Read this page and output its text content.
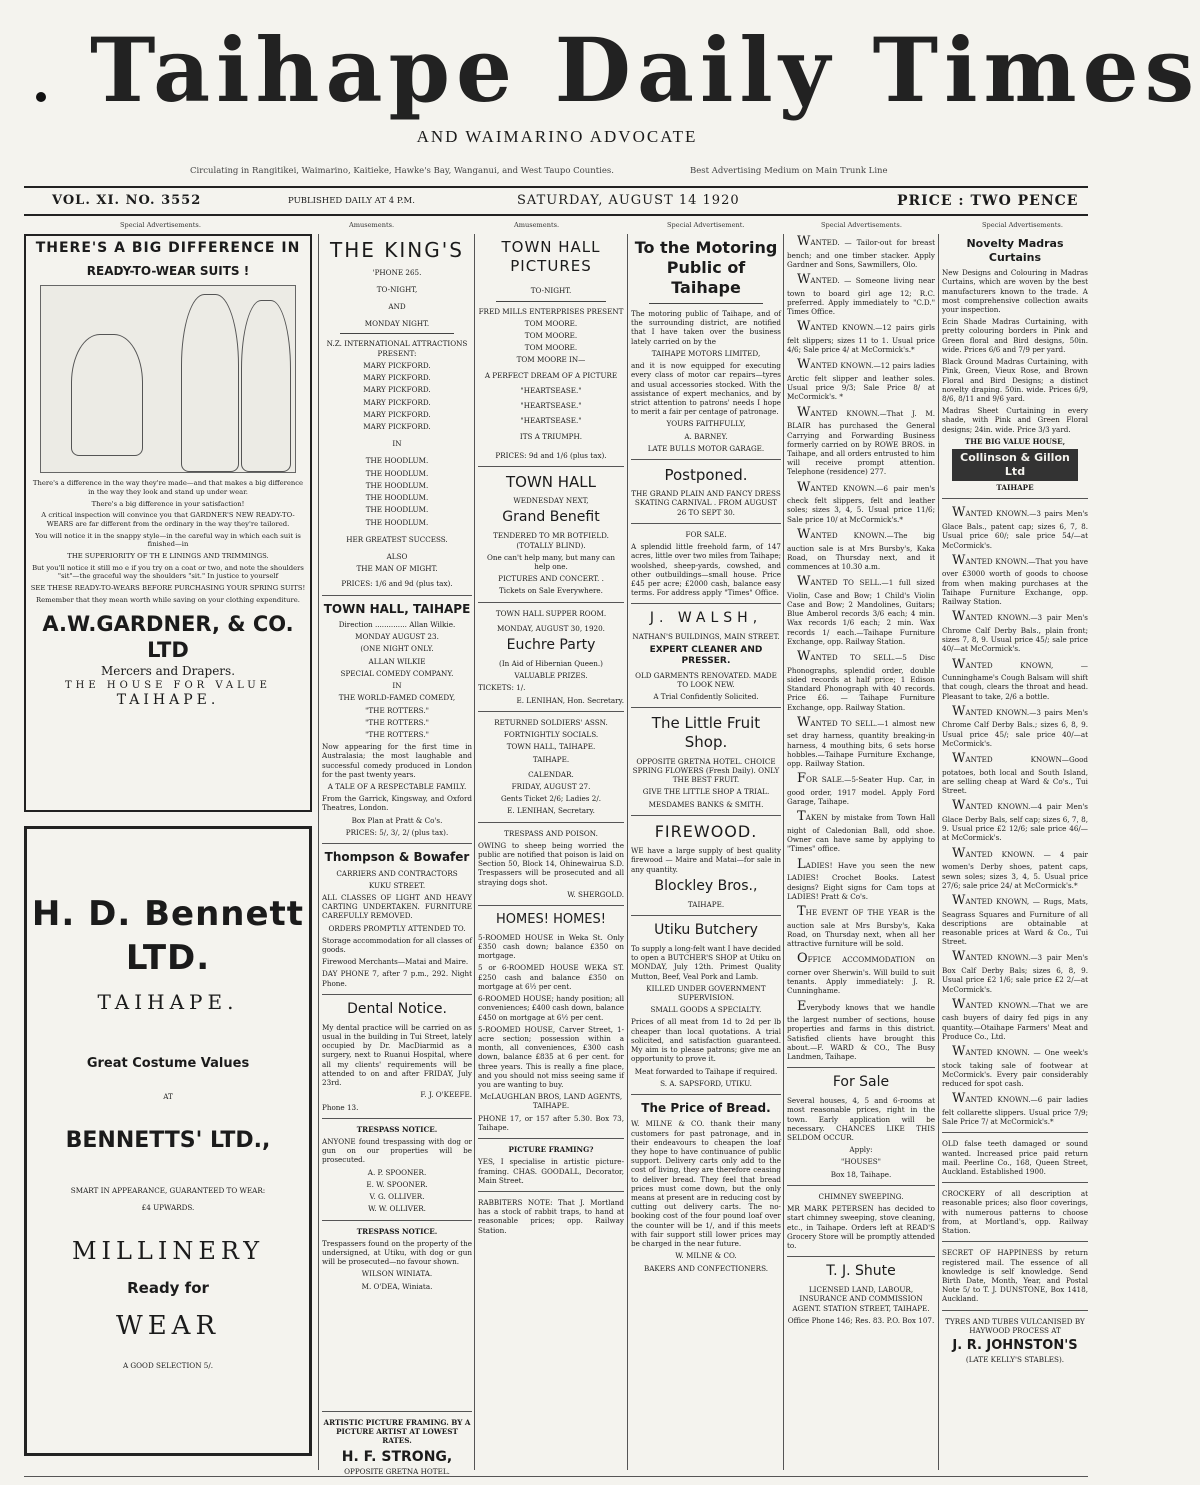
Taihape Daily Times
AND WAIMARINO ADVOCATE
Circulating in Rangitikei, Waimarino, Kaitieke, Hawke's Bay, Wanganui, and West Taupo Counties.	Best Advertising Medium on Main Trunk Line
VOL. XI. NO. 3552	PUBLISHED DAILY AT 4 P.M.	SATURDAY, AUGUST 14 1920	PRICE : TWO PENCE
Special Advertisements.	Amusements.	Amusements.	Special Advertisement.	Special Advertisements.	Special Advertisements.
THERE'S A BIG DIFFERENCE IN
READY-TO-WEAR SUITS !

There's a difference in the way they're made—and that makes a big difference in the way they look and stand up under wear.

There's a big difference in your satisfaction!

A critical inspection will convince you that GARDNER'S NEW READY-TO-WEARS are far different from the ordinary in the way they're tailored.

You will notice it in the snappy style—in the careful way in which each suit is finished—in

THE SUPERIORITY OF TH E LININGS AND TRIMMINGS.

But you'll notice it still mo e if you try on a coat or two, and note the shoulders "sit"—the graceful way the shoulders "sit." In justice to yourself

SEE THESE READY-TO-WEARS BEFORE PURCHASING YOUR SPRING SUITS!

Remember that they mean worth while saving on your clothing expenditure.

A.W.GARDNER, & CO. LTD
Mercers and Drapers.
THE HOUSE FOR VALUE
TAIHAPE.
H. D. Bennett LTD.
TAIHAPE.
Great Costume Values
AT
BENNETTS' LTD.,
SMART IN APPEARANCE, GUARANTEED TO WEAR:
£4 UPWARDS.
MILLINERY
Ready for
WEAR
A GOOD SELECTION 5/.
THE KING'S

'PHONE 265.

TO-NIGHT,

AND

MONDAY NIGHT.

N.Z. INTERNATIONAL ATTRACTIONS PRESENT:

MARY PICKFORD.

MARY PICKFORD.

MARY PICKFORD.

MARY PICKFORD.

MARY PICKFORD.

MARY PICKFORD.

IN

THE HOODLUM.

THE HOODLUM.

THE HOODLUM.

THE HOODLUM.

THE HOODLUM.

THE HOODLUM.

HER GREATEST SUCCESS.

ALSO

THE MAN OF MIGHT.

PRICES: 1/6 and 9d (plus tax).

TOWN HALL, TAIHAPE

Direction .............. Allan Wilkie.

MONDAY AUGUST 23.

(ONE NIGHT ONLY.

ALLAN WILKIE

SPECIAL COMEDY COMPANY.

IN

THE WORLD-FAMED COMEDY,

"THE ROTTERS."

"THE ROTTERS."

"THE ROTTERS."

Now appearing for the first time in Australasia; the most laughable and successful comedy produced in London for the past twenty years.

A TALE OF A RESPECTABLE FAMILY.

From the Garrick, Kingsway, and Oxford Theatres, London.

Box Plan at Pratt & Co's.

PRICES: 5/, 3/, 2/ (plus tax).

Thompson & Bowafer

CARRIERS AND CONTRACTORS

KUKU STREET.

ALL CLASSES OF LIGHT AND HEAVY CARTING UNDERTAKEN. FURNITURE CAREFULLY REMOVED.

ORDERS PROMPTLY ATTENDED TO.

Storage accommodation for all classes of goods.

Firewood Merchants—Matai and Maire.

DAY PHONE 7, after 7 p.m., 292. Night Phone.

Dental Notice.

My dental practice will be carried on as usual in the building in Tui Street, lately occupied by Dr. MacDiarmid as a surgery, next to Ruanui Hospital, where all my clients' requirements will be attended to on and after FRIDAY, July 23rd.

F. J. O'KEEFE.

Phone 13.

TRESPASS NOTICE.

ANYONE found trespassing with dog or gun on our properties will be prosecuted.

A. P. SPOONER.

E. W. SPOONER.

V. G. OLLIVER.

W. W. OLLIVER.

TRESPASS NOTICE.

Trespassers found on the property of the undersigned, at Utiku, with dog or gun will be prosecuted—no favour shown.

WILSON WINIATA.

M. O'DEA, Winiata.

TOWN HALL PICTURES

TO-NIGHT.

FRED MILLS ENTERPRISES PRESENT

TOM MOORE.

TOM MOORE.

TOM MOORE.

TOM MOORE IN—

A PERFECT DREAM OF A PICTURE

"HEARTSEASE."

"HEARTSEASE."

"HEARTSEASE."

ITS A TRIUMPH.

PRICES: 9d and 1/6 (plus tax).

TOWN HALL

WEDNESDAY NEXT,

Grand Benefit

TENDERED TO MR BOTFIELD. (TOTALLY BLIND).

One can't help many, but many can help one.

PICTURES AND CONCERT. .

Tickets on Sale Everywhere.

TOWN HALL SUPPER ROOM.

MONDAY, AUGUST 30, 1920.

Euchre Party

(In Aid of Hibernian Queen.)

VALUABLE PRIZES.

TICKETS: 1/.

E. LENIHAN, Hon. Secretary.

RETURNED SOLDIERS' ASSN.

FORTNIGHTLY SOCIALS.

TOWN HALL, TAIHAPE.

TAIHAPE.

CALENDAR.

FRIDAY, AUGUST 27.

Gents Ticket 2/6; Ladies 2/.

E. LENIHAN, Secretary.

TRESPASS AND POISON.

OWING to sheep being worried the public are notified that poison is laid on Section 50, Block 14, Ohinewairua S.D. Trespassers will be prosecuted and all straying dogs shot.

W. SHERGOLD.

HOMES! HOMES!

5-ROOMED HOUSE in Weka St. Only £350 cash down; balance £350 on mortgage.

5 or 6-ROOMED HOUSE WEKA ST. £250 cash and balance £350 on mortgage at 6½ per cent.

6-ROOMED HOUSE; handy position; all conveniences; £400 cash down, balance £450 on mortgage at 6½ per cent.

5-ROOMED HOUSE, Carver Street, 1-acre section; possession within a month, all conveniences, £300 cash down, balance £835 at 6 per cent. for three years. This is really a fine place, and you should not miss seeing same if you are wanting to buy.

McLAUGHLAN BROS, LAND AGENTS, TAIHAPE.

PHONE 17, or 157 after 5.30. Box 73, Taihape.

PICTURE FRAMING?

YES, I specialise in artistic picture-framing. CHAS. GOODALL, Decorator, Main Street.

RABBITERS NOTE: That J. Mortland has a stock of rabbit traps, to hand at reasonable prices; opp. Railway Station.

ARTISTIC PICTURE FRAMING. BY A PICTURE ARTIST AT LOWEST RATES.

H. F. STRONG,

OPPOSITE GRETNA HOTEL.

To the Motoring Public of Taihape

The motoring public of Taihape, and of the surrounding district, are notified that I have taken over the business lately carried on by the

TAIHAPE MOTORS LIMITED,

and it is now equipped for executing every class of motor car repairs—tyres and usual accessories stocked. With the assistance of expert mechanics, and by strict attention to patrons' needs I hope to merit a fair per centage of patronage.

YOURS FAITHFULLY,

A. BARNEY.

LATE BULLS MOTOR GARAGE.

Postponed.

THE GRAND PLAIN AND FANCY DRESS SKATING CARNIVAL . FROM AUGUST 26 TO SEPT 30.

FOR SALE.

A splendid little freehold farm, of 147 acres, little over two miles from Taihape; woolshed, sheep-yards, cowshed, and other outbuildings—small house. Price £45 per acre; £2000 cash, balance easy terms. For address apply "Times" Office.

J. WALSH,

NATHAN'S BUILDINGS, MAIN STREET.

EXPERT CLEANER AND PRESSER.

OLD GARMENTS RENOVATED. MADE TO LOOK NEW.

A Trial Confidently Solicited.

The Little Fruit Shop.

OPPOSITE GRETNA HOTEL. CHOICE SPRING FLOWERS (Fresh Daily). ONLY THE BEST FRUIT.

GIVE THE LITTLE SHOP A TRIAL.

MESDAMES BANKS & SMITH.

FIREWOOD.

WE have a large supply of best quality firewood — Maire and Matai—for sale in any quantity.

Blockley Bros.,

TAIHAPE.

Utiku Butchery

To supply a long-felt want I have decided to open a BUTCHER'S SHOP at Utiku on MONDAY, July 12th. Primest Quality Mutton, Beef, Veal Pork and Lamb.

KILLED UNDER GOVERNMENT SUPERVISION.

SMALL GOODS A SPECIALTY.

Prices of all meat from 1d to 2d per lb cheaper than local quotations. A trial solicited, and satisfaction guaranteed. My aim is to please patrons; give me an opportunity to prove it.

Meat forwarded to Taihape if required.

S. A. SAPSFORD, UTIKU.

The Price of Bread.

W. MILNE & CO. thank their many customers for past patronage, and in their endeavours to cheapen the loaf they hope to have continuance of public support. Delivery carts only add to the cost of living, they are therefore ceasing to deliver bread. They feel that bread prices must come down, but the only means at present are in reducing cost by cutting out delivery carts. The no-booking cost of the four pound loaf over the counter will be 1/, and if this meets with fair support still lower prices may be charged in the near future.

W. MILNE & CO.

BAKERS AND CONFECTIONERS.

WANTED. — Tailor-out for breast bench; and one timber stacker. Apply Gardner and Sons, Sawmillers, Olo.

WANTED. — Someone living near town to board girl age 12; R.C. preferred. Apply immediately to "C.D." Times Office.

WANTED KNOWN.—12 pairs girls felt slippers; sizes 11 to 1. Usual price 4/6; Sale price 4/ at McCormick's.*

WANTED KNOWN.—12 pairs ladies Arctic felt slipper and leather soles. Usual price 9/3; Sale Price 8/ at McCormick's. *

WANTED KNOWN.—That J. M. BLAIR has purchased the General Carrying and Forwarding Business formerly carried on by ROWE BROS. in Taihape, and all orders entrusted to him will receive prompt attention. Telephone (residence) 277.

WANTED KNOWN.—6 pair men's check felt slippers, felt and leather soles; sizes 3, 4, 5. Usual price 11/6; Sale price 10/ at McCormick's.*

WANTED KNOWN.—The big auction sale is at Mrs Bursby's, Kaka Road, on Thursday next, and it commences at 10.30 a.m.

WANTED TO SELL.—1 full sized Violin, Case and Bow; 1 Child's Violin Case and Bow; 2 Mandolines, Guitars; Blue Amberol records 3/6 each; 4 min. Wax records 1/6 each; 2 min. Wax records 1/ each.—Taihape Furniture Exchange, opp. Railway Station.

WANTED TO SELL.—5 Disc Phonographs, splendid order, double sided records at half price; 1 Edison Standard Phonograph with 40 records. Price £6. — Taihape Furniture Exchange, opp. Railway Station.

WANTED TO SELL.—1 almost new set dray harness, quantity breaking-in harness, 4 mouthing bits, 6 sets horse hobbles.—Taihape Furniture Exchange, opp. Railway Station.

FOR SALE.—5-Seater Hup. Car, in good order, 1917 model. Apply Ford Garage, Taihape.

TAKEN by mistake from Town Hall night of Caledonian Ball, odd shoe. Owner can have same by applying to "Times" office.

LADIES! Have you seen the new LADIES! Crochet Books. Latest designs? Eight signs for Cam tops at LADIES! Pratt & Co's.

THE EVENT OF THE YEAR is the auction sale at Mrs Bursby's, Kaka Road, on Thursday next, when all her attractive furniture will be sold.

OFFICE ACCOMMODATION on corner over Sherwin's. Will build to suit tenants. Apply immediately: J. R. Cunninghame.

Everybody knows that we handle the largest number of sections, house properties and farms in this district. Satisfied clients have brought this about.—F. WARD & CO., The Busy Landmen, Taihape.

For Sale

Several houses, 4, 5 and 6-rooms at most reasonable prices, right in the town. Early application will be necessary. CHANCES LIKE THIS SELDOM OCCUR.

Apply:

"HOUSES"

Box 18, Taihape.

CHIMNEY SWEEPING.

MR MARK PETERSEN has decided to start chimney sweeping, stove cleaning, etc., in Taihape. Orders left at READ'S Grocery Store will be promptly attended to.

T. J. Shute

LICENSED LAND, LABOUR, INSURANCE AND COMMISSION AGENT. STATION STREET, TAIHAPE.

Office Phone 146; Res. 83. P.O. Box 107.

Novelty Madras Curtains

New Designs and Colouring in Madras Curtains, which are woven by the best manufacturers known to the trade. A most comprehensive collection awaits your inspection.

Ecin Shade Madras Curtaining, with pretty colouring borders in Pink and Green floral and Bird designs, 50in. wide. Prices 6/6 and 7/9 per yard.

Black Ground Madras Curtaining, with Pink, Green, Vieux Rose, and Brown Floral and Bird Designs; a distinct novelty draping. 50in. wide. Prices 6/9, 8/6, 8/11 and 9/6 yard.

Madras Sheet Curtaining in every shade, with Pink and Green Floral designs; 24in. wide. Price 3/3 yard.

THE BIG VALUE HOUSE,

Collinson & Gillon Ltd

TAIHAPE

WANTED KNOWN.—3 pairs Men's Glace Bals., patent cap; sizes 6, 7, 8. Usual price 60/; sale price 54/—at McCormick's.

WANTED KNOWN.—That you have over £3000 worth of goods to choose from when making purchases at the Taihape Furniture Exchange, opp. Railway Station.

WANTED KNOWN.—3 pair Men's Chrome Calf Derby Bals., plain front; sizes 7, 8, 9. Usual price 45/; sale price 40/—at McCormick's.

WANTED KNOWN, — Cunninghame's Cough Balsam will shift that cough, clears the throat and head. Pleasant to take, 2/6 a bottle.

WANTED KNOWN.—3 pairs Men's Chrome Calf Derby Bals.; sizes 6, 8, 9. Usual price 45/; sale price 40/—at McCormick's.

WANTED KNOWN—Good potatoes, both local and South Island, are selling cheap at Ward & Co's., Tui Street.

WANTED KNOWN.—4 pair Men's Glace Derby Bals, self cap; sizes 6, 7, 8, 9. Usual price £2 12/6; sale price 46/—at McCormick's.

WANTED KNOWN. — 4 pair women's Derby shoes, patent caps, sewn soles; sizes 3, 4, 5. Usual price 27/6; sale price 24/ at McCormick's.*

WANTED KNOWN, — Rugs, Mats, Seagrass Squares and Furniture of all descriptions are obtainable at reasonable prices at Ward & Co., Tui Street.

WANTED KNOWN.—3 pair Men's Box Calf Derby Bals; sizes 6, 8, 9. Usual price £2 1/6; sale price £2 2/—at McCormick's.

WANTED KNOWN.—That we are cash buyers of dairy fed pigs in any quantity.—Otaihape Farmers' Meat and Produce Co., Ltd.

WANTED KNOWN. — One week's stock taking sale of footwear at McCormick's. Every pair considerably reduced for spot cash.

WANTED KNOWN.—6 pair ladies felt collarette slippers. Usual price 7/9; Sale Price 7/ at McCormick's.*

OLD false teeth damaged or sound wanted. Increased price paid return mail. Peerline Co., 168, Queen Street, Auckland. Established 1900.

CROCKERY of all description at reasonable prices; also floor coverings, with numerous patterns to choose from, at Mortland's, opp. Railway Station.

SECRET OF HAPPINESS by return registered mail. The essence of all knowledge is self knowledge. Send Birth Date, Month, Year, and Postal Note 5/ to T. J. DUNSTONE, Box 1418, Auckland.

TYRES AND TUBES VULCANISED BY HAYWOOD PROCESS AT

J. R. JOHNSTON'S

(LATE KELLY'S STABLES).
